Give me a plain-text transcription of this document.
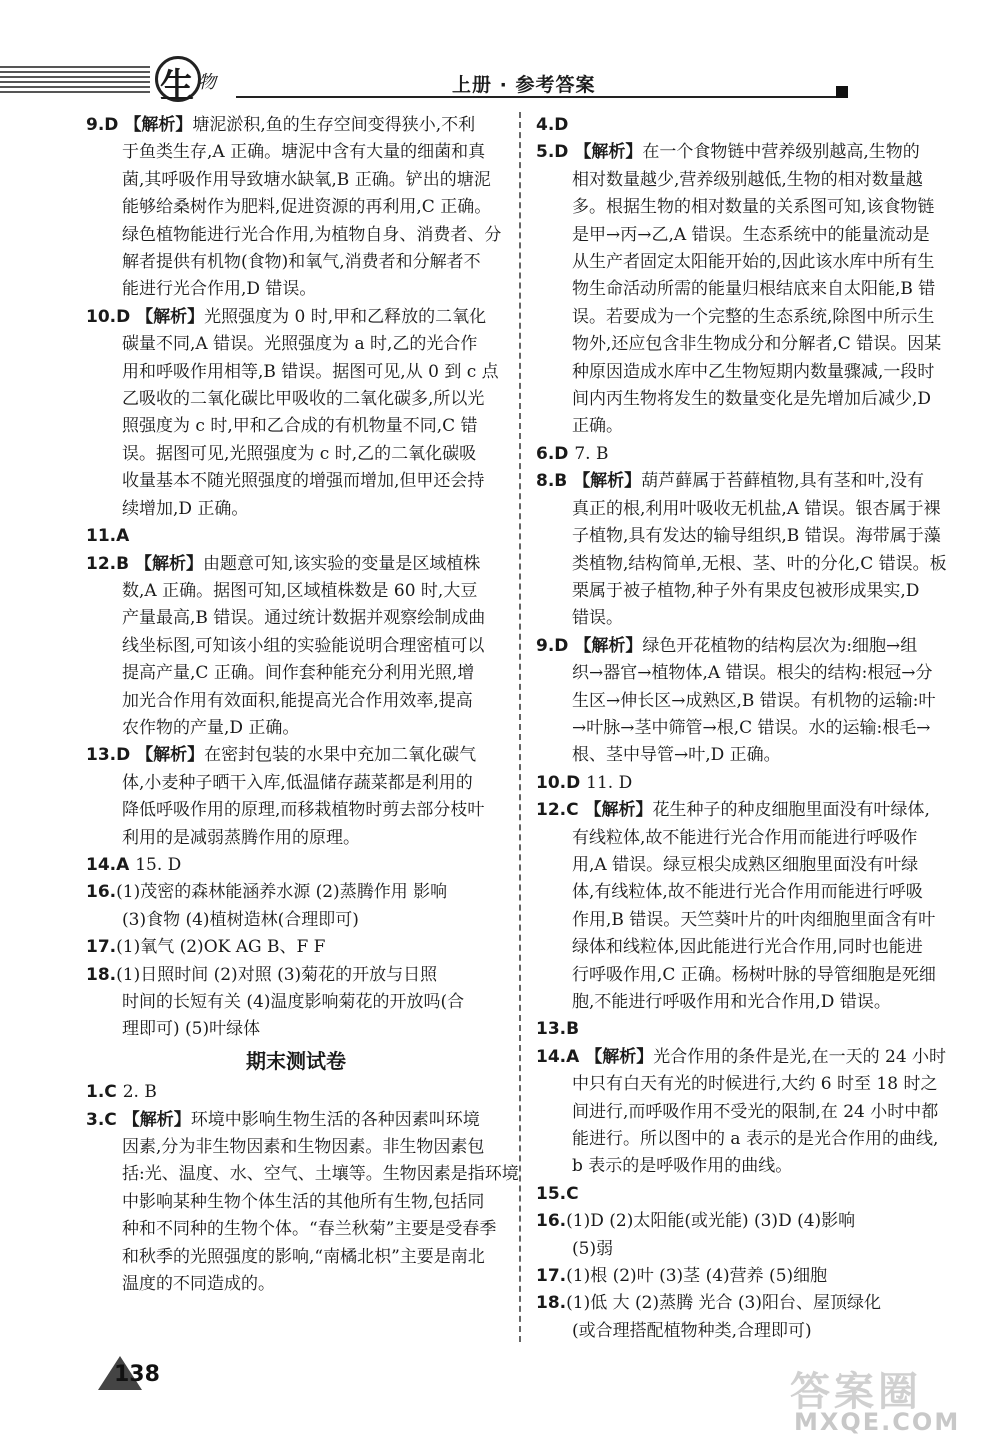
生 物	上册 · 参考答案
9.D 【解析】塘泥淤积,鱼的生存空间变得狭小,不利
于鱼类生存,A 正确。塘泥中含有大量的细菌和真
菌,其呼吸作用导致塘水缺氧,B 正确。铲出的塘泥
能够给桑树作为肥料,促进资源的再利用,C 正确。
绿色植物能进行光合作用,为植物自身、消费者、分
解者提供有机物(食物)和氧气,消费者和分解者不
能进行光合作用,D 错误。
10.D 【解析】光照强度为 0 时,甲和乙释放的二氧化
碳量不同,A 错误。光照强度为 a 时,乙的光合作
用和呼吸作用相等,B 错误。据图可见,从 0 到 c 点
乙吸收的二氧化碳比甲吸收的二氧化碳多,所以光
照强度为 c 时,甲和乙合成的有机物量不同,C 错
误。据图可见,光照强度为 c 时,乙的二氧化碳吸
收量基本不随光照强度的增强而增加,但甲还会持
续增加,D 正确。
11.A
12.B 【解析】由题意可知,该实验的变量是区域植株
数,A 正确。据图可知,区域植株数是 60 时,大豆
产量最高,B 错误。通过统计数据并观察绘制成曲
线坐标图,可知该小组的实验能说明合理密植可以
提高产量,C 正确。间作套种能充分利用光照,增
加光合作用有效面积,能提高光合作用效率,提高
农作物的产量,D 正确。
13.D 【解析】在密封包装的水果中充加二氧化碳气
体,小麦种子晒干入库,低温储存蔬菜都是利用的
降低呼吸作用的原理,而移栽植物时剪去部分枝叶
利用的是减弱蒸腾作用的原理。
14.A 15. D
16.(1)茂密的森林能涵养水源 (2)蒸腾作用 影响
(3)食物 (4)植树造林(合理即可)
17.(1)氧气 (2)OK AG B、F F
18.(1)日照时间 (2)对照 (3)菊花的开放与日照
时间的长短有关 (4)温度影响菊花的开放吗(合
理即可) (5)叶绿体
期末测试卷
1.C 2. B
3.C 【解析】环境中影响生物生活的各种因素叫环境
因素,分为非生物因素和生物因素。非生物因素包
括:光、温度、水、空气、土壤等。生物因素是指环境
中影响某种生物个体生活的其他所有生物,包括同
种和不同种的生物个体。“春兰秋菊”主要是受春季
和秋季的光照强度的影响,“南橘北枳”主要是南北
温度的不同造成的。
4.D
5.D 【解析】在一个食物链中营养级别越高,生物的
相对数量越少,营养级别越低,生物的相对数量越
多。根据生物的相对数量的关系图可知,该食物链
是甲→丙→乙,A 错误。生态系统中的能量流动是
从生产者固定太阳能开始的,因此该水库中所有生
物生命活动所需的能量归根结底来自太阳能,B 错
误。若要成为一个完整的生态系统,除图中所示生
物外,还应包含非生物成分和分解者,C 错误。因某
种原因造成水库中乙生物短期内数量骤减,一段时
间内丙生物将发生的数量变化是先增加后减少,D
正确。
6.D 7. B
8.B 【解析】葫芦藓属于苔藓植物,具有茎和叶,没有
真正的根,利用叶吸收无机盐,A 错误。银杏属于裸
子植物,具有发达的输导组织,B 错误。海带属于藻
类植物,结构简单,无根、茎、叶的分化,C 错误。板
栗属于被子植物,种子外有果皮包被形成果实,D
错误。
9.D 【解析】绿色开花植物的结构层次为:细胞→组
织→器官→植物体,A 错误。根尖的结构:根冠→分
生区→伸长区→成熟区,B 错误。有机物的运输:叶
→叶脉→茎中筛管→根,C 错误。水的运输:根毛→
根、茎中导管→叶,D 正确。
10.D 11. D
12.C 【解析】花生种子的种皮细胞里面没有叶绿体,
有线粒体,故不能进行光合作用而能进行呼吸作
用,A 错误。绿豆根尖成熟区细胞里面没有叶绿
体,有线粒体,故不能进行光合作用而能进行呼吸
作用,B 错误。天竺葵叶片的叶肉细胞里面含有叶
绿体和线粒体,因此能进行光合作用,同时也能进
行呼吸作用,C 正确。杨树叶脉的导管细胞是死细
胞,不能进行呼吸作用和光合作用,D 错误。
13.B
14.A 【解析】光合作用的条件是光,在一天的 24 小时
中只有白天有光的时候进行,大约 6 时至 18 时之
间进行,而呼吸作用不受光的限制,在 24 小时中都
能进行。所以图中的 a 表示的是光合作用的曲线,
b 表示的是呼吸作用的曲线。
15.C
16.(1)D (2)太阳能(或光能) (3)D (4)影响
(5)弱
17.(1)根 (2)叶 (3)茎 (4)营养 (5)细胞
18.(1)低 大 (2)蒸腾 光合 (3)阳台、屋顶绿化
(或合理搭配植物种类,合理即可)
138	答案圈
MXQE.COM
